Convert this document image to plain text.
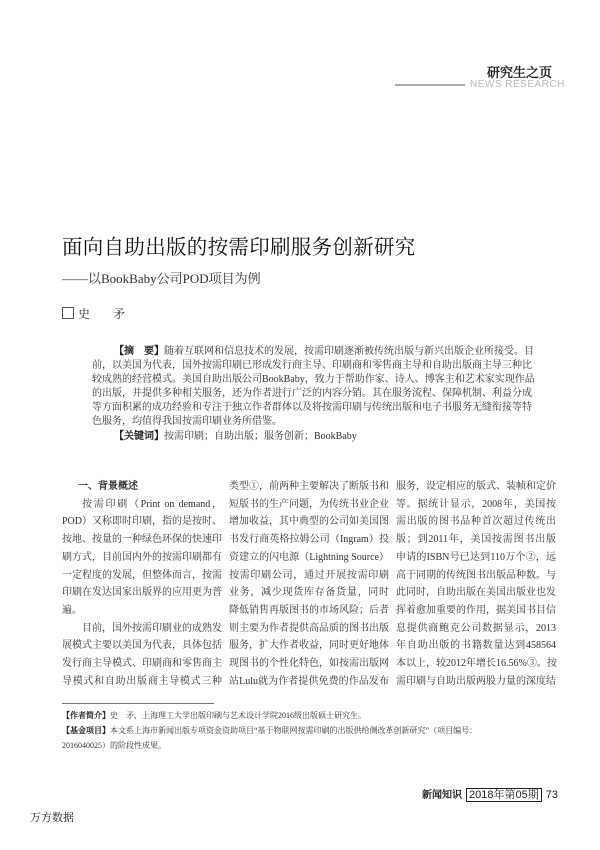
研究生之页
NEWS RESEARCH
面向自助出版的按需印刷服务创新研究
——以BookBaby公司POD项目为例
史 矛
【摘　要】随着互联网和信息技术的发展，按需印刷逐渐被传统出版与新兴出版企业所接受。目
前，以美国为代表，国外按需印刷已形成发行商主导、印刷商和零售商主导和自助出版商主导三种比
较成熟的经营模式。美国自助出版公司BookBaby，致力于帮助作家、诗人、博客主和艺术家实现作品
的出版，并提供多种相关服务，还为作者进行广泛的内容分销。其在服务流程、保障机制、利益分成
等方面积累的成功经验和专注于独立作者群体以及将按需印刷与传统出版和电子书服务无缝衔接等特
色服务，均值得我国按需印刷业务所借鉴。
【关键词】按需印刷；自助出版；服务创新；BookBaby
一、背景概述
按需印刷（Print on demand，
POD）又称即时印刷，指的是按时、
按地、按量的一种绿色环保的快速印
刷方式，目前国内外的按需印刷都有
一定程度的发展，但整体而言，按需
印刷在发达国家出版界的应用更为普
遍。
目前，国外按需印刷业的成熟发
展模式主要以美国为代表，具体包括
发行商主导模式、印刷商和零售商主
导模式和自助出版商主导模式三种
类型①，前两种主要解决了断版书和
短版书的生产问题，为传统书业企业
增加收益，其中典型的公司如美国图
书发行商英格拉姆公司（Ingram）投
资建立的闪电源（Lightning Source）
按需印刷公司，通过开展按需印刷
业务，减少现货库存备货量，同时
降低销售再版图书的市场风险；后者
则主要为作者提供高品质的图书出版
服务，扩大作者收益，同时更好地体
现图书的个性化特色，如按需出版网
站Lulu就为作者提供免费的作品发布
服务，设定相应的版式、装帧和定价
等。据统计显示，2008年，美国按
需出版的图书品种首次超过传统出
版；到2011年，美国按需图书出版
申请的ISBN号已达到110万个②，远
高于同期的传统图书出版品种数。与
此同时，自助出版在美国出版业也发
挥着愈加重要的作用，据美国书目信
息提供商鲍克公司数据显示，2013
年自助出版的书籍数量达到458564
本以上，较2012年增长16.56%③。按
需印刷与自助出版两股力量的深度结
【作者简介】史　矛，上海理工大学出版印刷与艺术设计学院2016级出版硕士研究生。
【基金项目】本文系上海市新闻出版专项资金资助项目“基于物联网按需印刷的出版供给侧改革创新研究”（项目编号：
2016040025）的阶段性成果。
新闻知识 2018年第05期 73
万方数据
